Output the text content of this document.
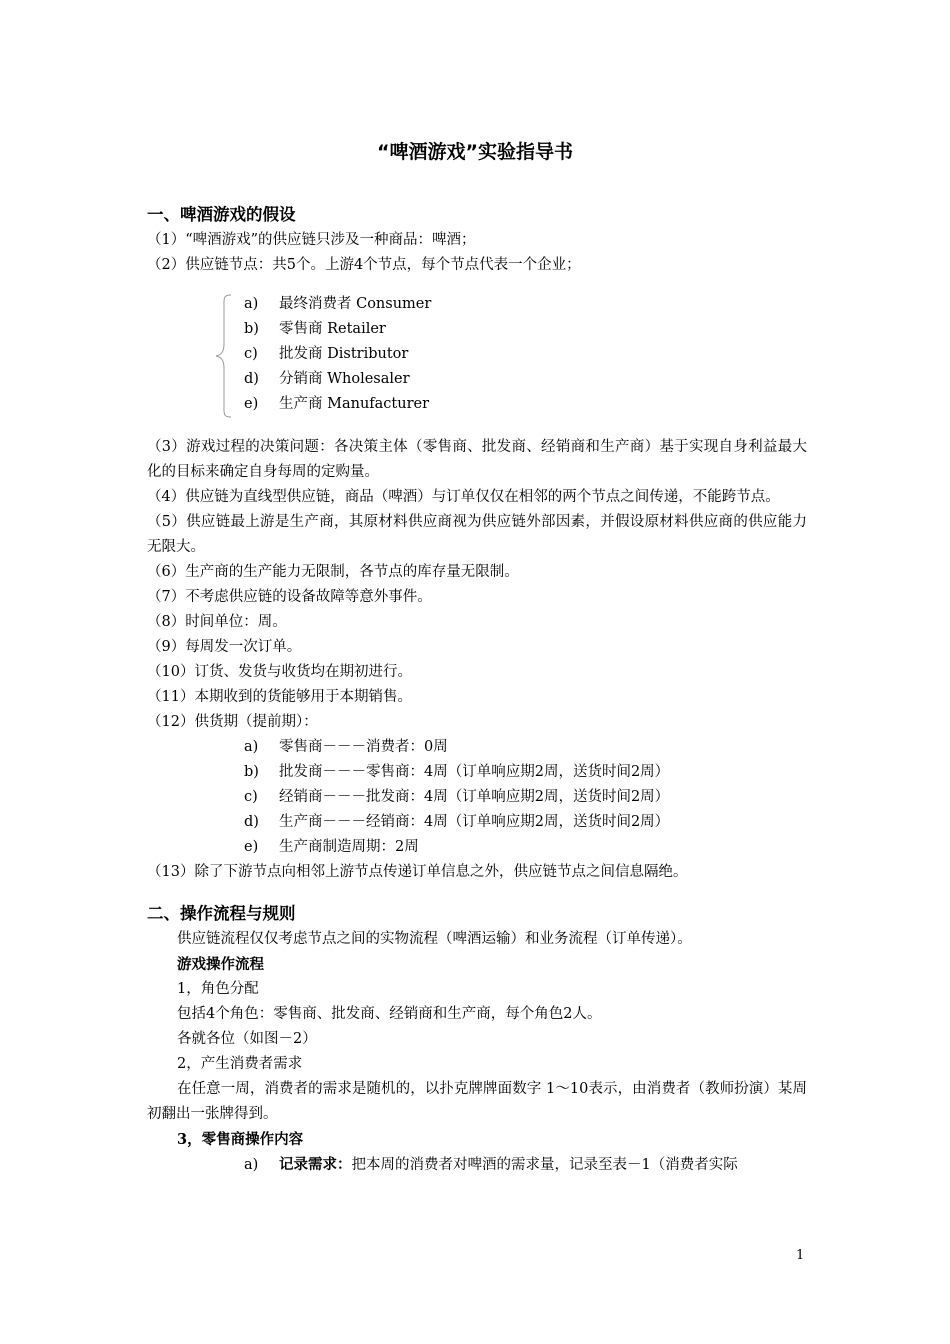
“啤酒游戏”实验指导书
一、啤酒游戏的假设
（1）“啤酒游戏”的供应链只涉及一种商品：啤酒；
（2）供应链节点：共5个。上游4个节点，每个节点代表一个企业；
a) 最终消费者 Consumer
b) 零售商 Retailer
c) 批发商 Distributor
d) 分销商 Wholesaler
e) 生产商 Manufacturer
（3）游戏过程的决策问题：各决策主体（零售商、批发商、经销商和生产商）基于实现自身利益最大化的目标来确定自身每周的定购量。
（4）供应链为直线型供应链，商品（啤酒）与订单仅仅在相邻的两个节点之间传递，不能跨节点。
（5）供应链最上游是生产商，其原材料供应商视为供应链外部因素，并假设原材料供应商的供应能力无限大。
（6）生产商的生产能力无限制，各节点的库存量无限制。
（7）不考虑供应链的设备故障等意外事件。
（8）时间单位：周。
（9）每周发一次订单。
（10）订货、发货与收货均在期初进行。
（11）本期收到的货能够用于本期销售。
（12）供货期（提前期）：
a) 零售商－－－消费者：0周
b) 批发商－－－零售商：4周（订单响应期2周，送货时间2周）
c) 经销商－－－批发商：4周（订单响应期2周，送货时间2周）
d) 生产商－－－经销商：4周（订单响应期2周，送货时间2周）
e) 生产商制造周期：2周
（13）除了下游节点向相邻上游节点传递订单信息之外，供应链节点之间信息隔绝。
二、操作流程与规则
供应链流程仅仅考虑节点之间的实物流程（啤酒运输）和业务流程（订单传递）。
游戏操作流程
1，角色分配
包括4个角色：零售商、批发商、经销商和生产商，每个角色2人。
各就各位（如图－2）
2，产生消费者需求
在任意一周，消费者的需求是随机的，以扑克牌牌面数字 1～10表示，由消费者（教师扮演）某周初翻出一张牌得到。
3，零售商操作内容
a) 记录需求：把本周的消费者对啤酒的需求量，记录至表－1（消费者实际
1
